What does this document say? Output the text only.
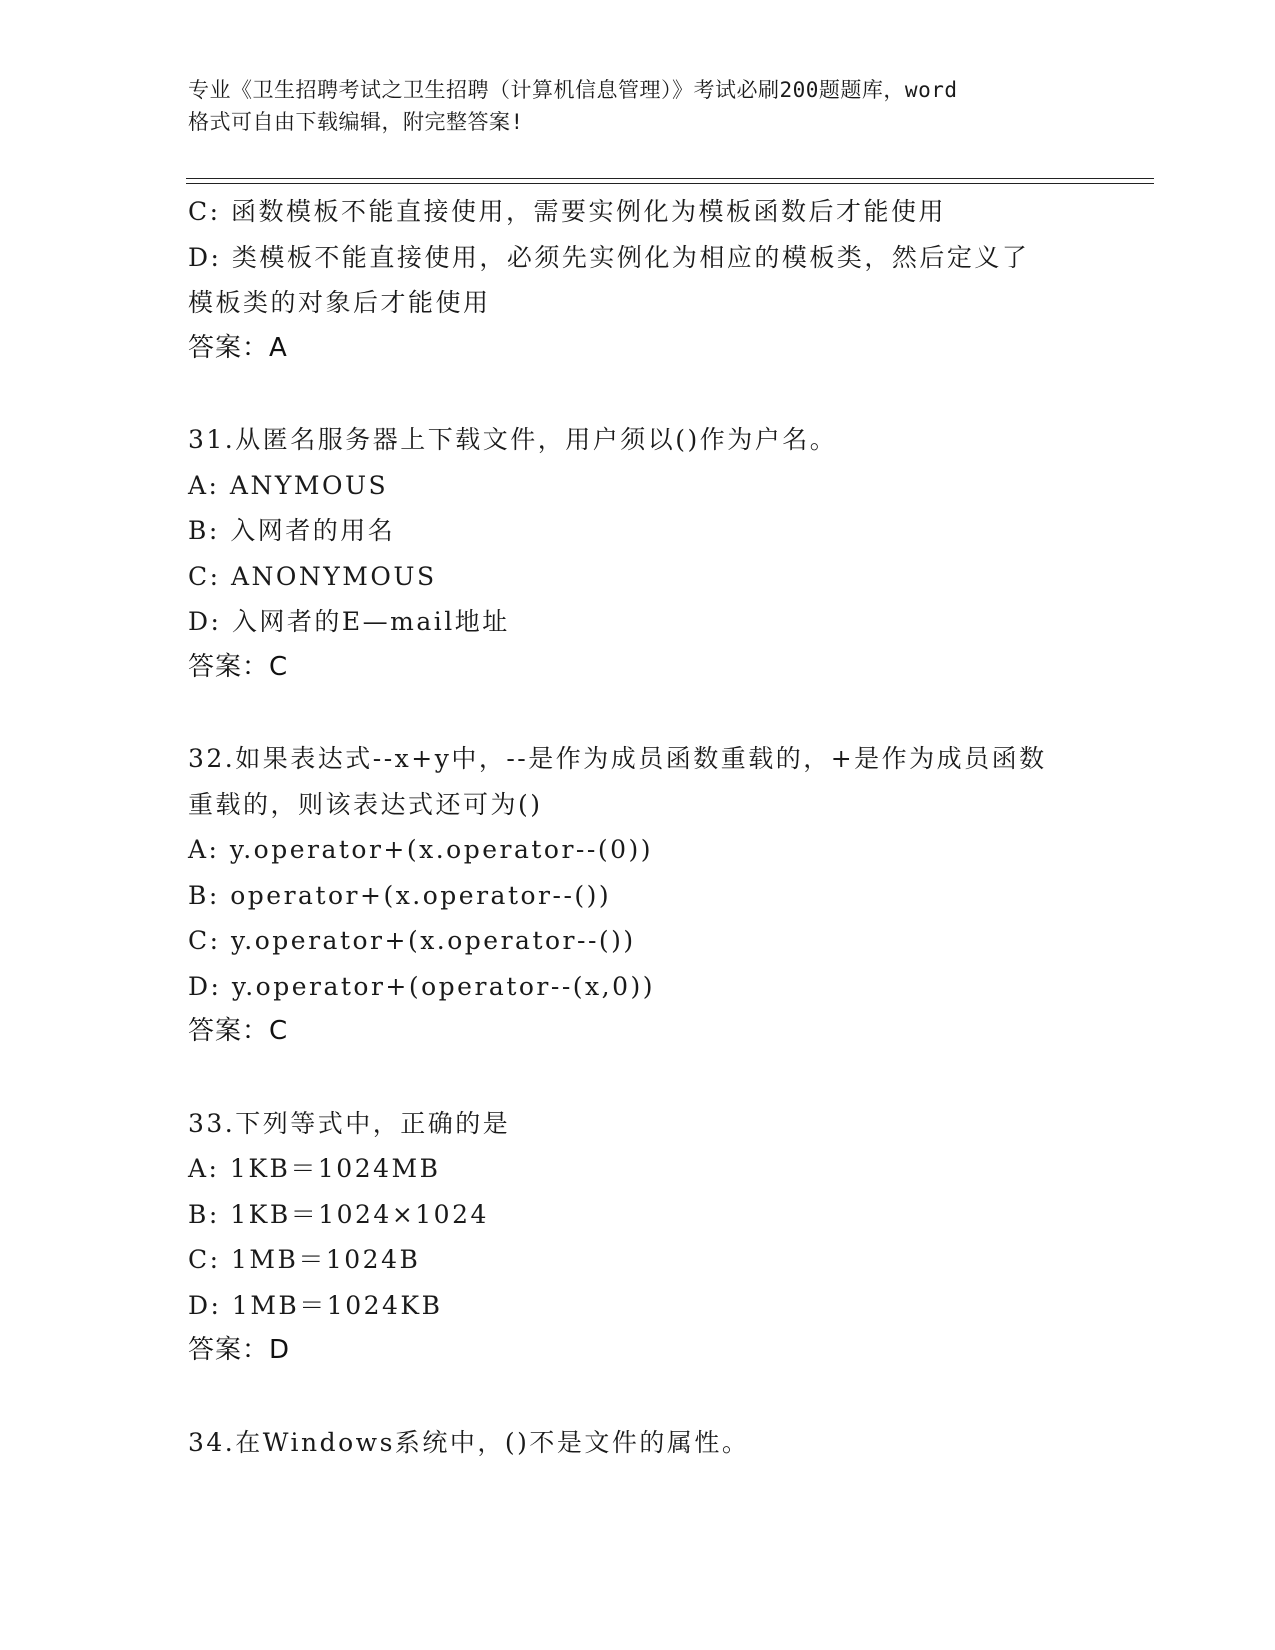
专业《卫生招聘考试之卫生招聘（计算机信息管理）》考试必刷200题题库，word
格式可自由下载编辑，附完整答案!
C: 函数模板不能直接使用，需要实例化为模板函数后才能使用
D: 类模板不能直接使用，必须先实例化为相应的模板类，然后定义了
模板类的对象后才能使用
答案：A
31.从匿名服务器上下载文件，用户须以()作为户名。
A: ANYMOUS
B: 入网者的用名
C: ANONYMOUS
D: 入网者的E—mail地址
答案：C
32.如果表达式--x+y中，--是作为成员函数重载的，+是作为成员函数
重载的，则该表达式还可为()
A: y.operator+(x.operator--(0))
B: operator+(x.operator--())
C: y.operator+(x.operator--())
D: y.operator+(operator--(x,0))
答案：C
33.下列等式中，正确的是
A: 1KB＝1024MB
B: 1KB＝1024×1024
C: 1MB＝1024B
D: 1MB＝1024KB
答案：D
34.在Windows系统中，()不是文件的属性。
